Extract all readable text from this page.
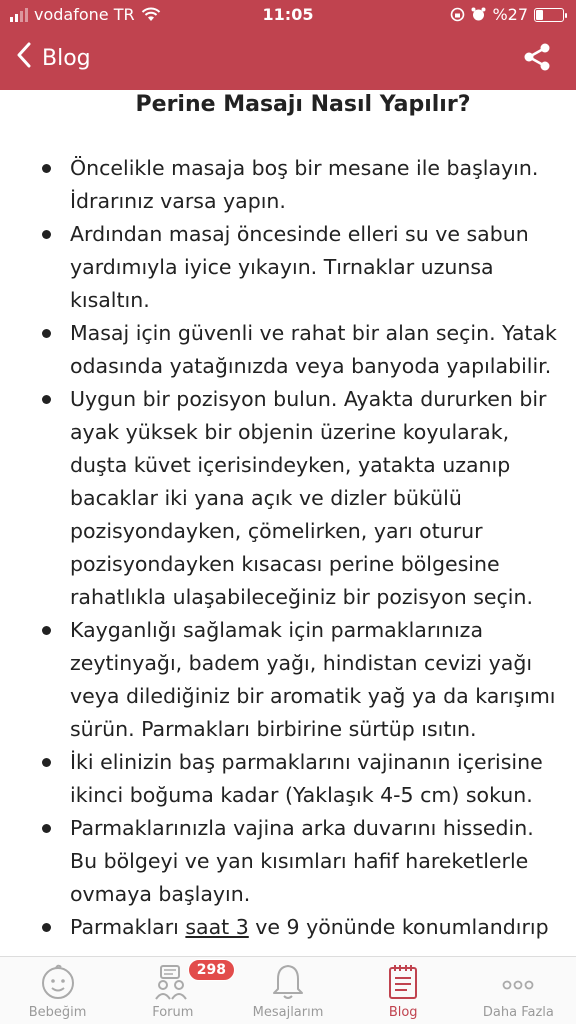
vodafone TR	11:05	%27
Blog
Perine Masajı Nasıl Yapılır?
Öncelikle masaja boş bir mesane ile başlayın. İdrarınız varsa yapın.
Ardından masaj öncesinde elleri su ve sabun yardımıyla iyice yıkayın. Tırnaklar uzunsa kısaltın.
Masaj için güvenli ve rahat bir alan seçin. Yatak odasında yatağınızda veya banyoda yapılabilir.
Uygun bir pozisyon bulun. Ayakta dururken bir ayak yüksek bir objenin üzerine koyularak, duşta küvet içerisindeyken, yatakta uzanıp bacaklar iki yana açık ve dizler bükülü pozisyondayken, çömelirken, yarı oturur pozisyondayken kısacası perine bölgesine rahatlıkla ulaşabileceğiniz bir pozisyon seçin.
Kayganlığı sağlamak için parmaklarınıza zeytinyağı, badem yağı, hindistan cevizi yağı veya dilediğiniz bir aromatik yağ ya da karışımı sürün. Parmakları birbirine sürtüp ısıtın.
İki elinizin baş parmaklarını vajinanın içerisine ikinci boğuma kadar (Yaklaşık 4-5 cm) sokun.
Parmaklarınızla vajina arka duvarını hissedin. Bu bölgeyi ve yan kısımları hafif hareketlerle ovmaya başlayın.
Parmakları saat 3 ve 9 yönünde konumlandırıp
Bebeğim
298
Forum	Mesajlarım	Blog	Daha Fazla
